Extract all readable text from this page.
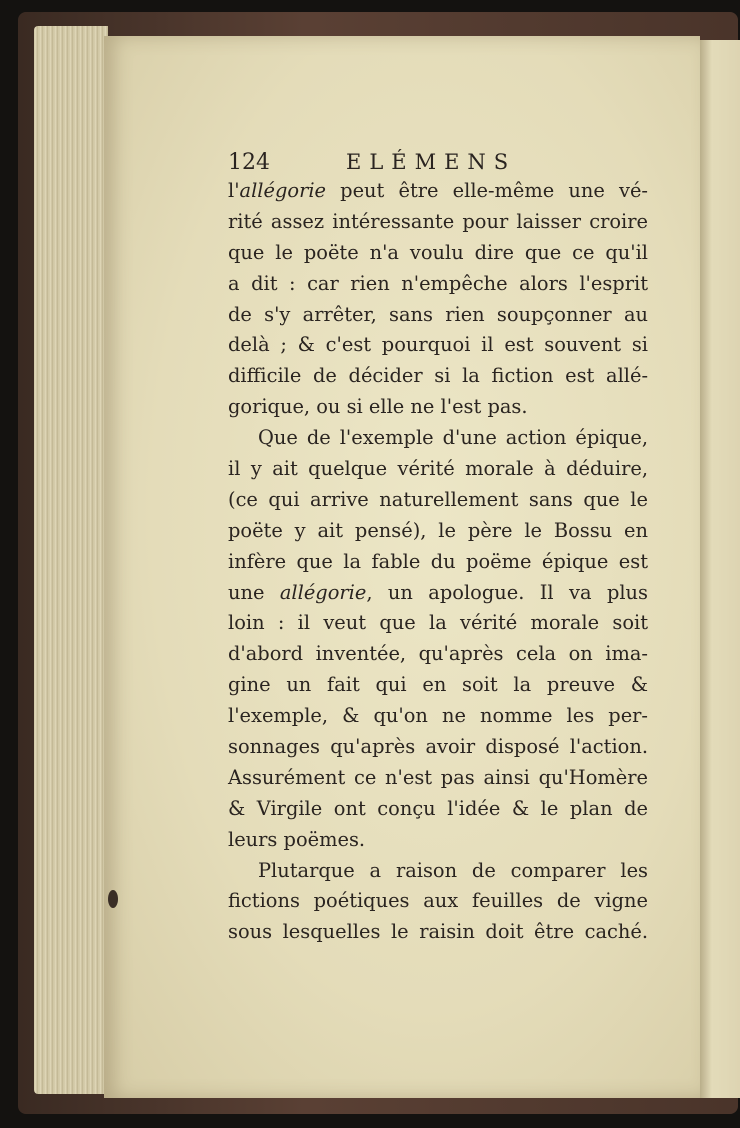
124	ELÉMENS
l'allégorie peut être elle-même une vé-
rité assez intéressante pour laisser croire
que le poëte n'a voulu dire que ce qu'il
a dit : car rien n'empêche alors l'esprit
de s'y arrêter, sans rien soupçonner au
delà ; & c'est pourquoi il est souvent si
difficile de décider si la fiction est allé-
gorique, ou si elle ne l'est pas.
Que de l'exemple d'une action épique,
il y ait quelque vérité morale à déduire,
(ce qui arrive naturellement sans que le
poëte y ait pensé), le père le Bossu en
infère que la fable du poëme épique est
une allégorie, un apologue. Il va plus
loin : il veut que la vérité morale soit
d'abord inventée, qu'après cela on ima-
gine un fait qui en soit la preuve &
l'exemple, & qu'on ne nomme les per-
sonnages qu'après avoir disposé l'action.
Assurément ce n'est pas ainsi qu'Homère
& Virgile ont conçu l'idée & le plan de
leurs poëmes.
Plutarque a raison de comparer les
fictions poétiques aux feuilles de vigne
sous lesquelles le raisin doit être caché.
